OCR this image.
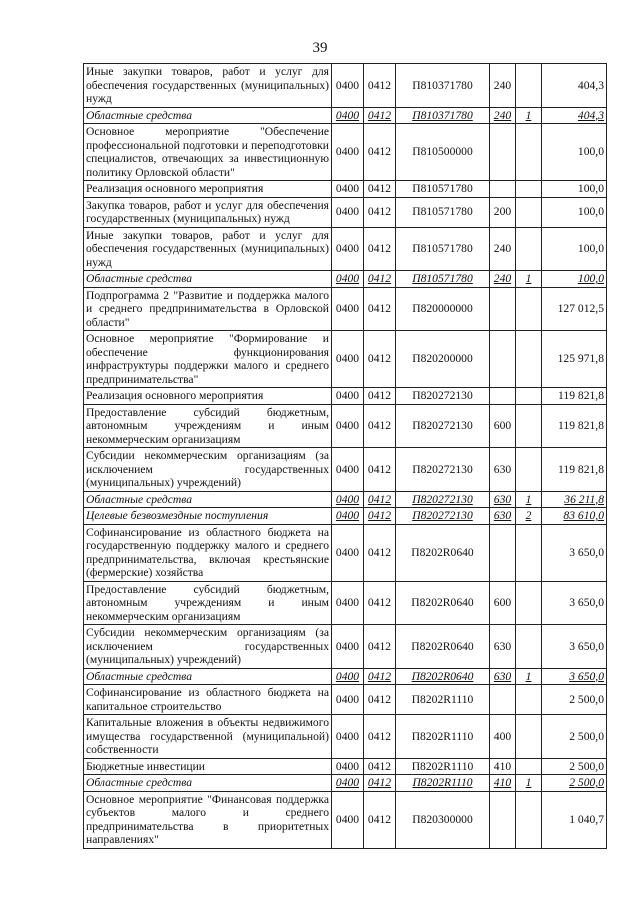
39
Иные закупки товаров, работ и услуг для обеспечения государственных (муниципальных) нужд	0400	0412	П810371780	240		404,3
Областные средства	0400	0412	П810371780	240	1	404,3
Основное мероприятие "Обеспечение профессиональной подготовки и переподготовки специалистов, отвечающих за инвестиционную политику Орловской области"	0400	0412	П810500000			100,0
Реализация основного мероприятия	0400	0412	П810571780			100,0
Закупка товаров, работ и услуг для обеспечения государственных (муниципальных) нужд	0400	0412	П810571780	200		100,0
Иные закупки товаров, работ и услуг для обеспечения государственных (муниципальных) нужд	0400	0412	П810571780	240		100,0
Областные средства	0400	0412	П810571780	240	1	100,0
Подпрограмма 2 "Развитие и поддержка малого и среднего предпринимательства в Орловской области"	0400	0412	П820000000			127 012,5
Основное мероприятие "Формирование и обеспечение функционирования инфраструктуры поддержки малого и среднего предпринимательства"	0400	0412	П820200000			125 971,8
Реализация основного мероприятия	0400	0412	П820272130			119 821,8
Предоставление субсидий бюджетным, автономным учреждениям и иным некоммерческим организациям	0400	0412	П820272130	600		119 821,8
Субсидии некоммерческим организациям (за исключением государственных (муниципальных) учреждений)	0400	0412	П820272130	630		119 821,8
Областные средства	0400	0412	П820272130	630	1	36 211,8
Целевые безвозмездные поступления	0400	0412	П820272130	630	2	83 610,0
Софинансирование из областного бюджета на государственную поддержку малого и среднего предпринимательства, включая крестьянские (фермерские) хозяйства	0400	0412	П8202R0640			3 650,0
Предоставление субсидий бюджетным, автономным учреждениям и иным некоммерческим организациям	0400	0412	П8202R0640	600		3 650,0
Субсидии некоммерческим организациям (за исключением государственных (муниципальных) учреждений)	0400	0412	П8202R0640	630		3 650,0
Областные средства	0400	0412	П8202R0640	630	1	3 650,0
Софинансирование из областного бюджета на капитальное строительство	0400	0412	П8202R1110			2 500,0
Капитальные вложения в объекты недвижимого имущества государственной (муниципальной) собственности	0400	0412	П8202R1110	400		2 500,0
Бюджетные инвестиции	0400	0412	П8202R1110	410		2 500,0
Областные средства	0400	0412	П8202R1110	410	1	2 500,0
Основное мероприятие "Финансовая поддержка субъектов малого и среднего предпринимательства в приоритетных направлениях"	0400	0412	П820300000			1 040,7
